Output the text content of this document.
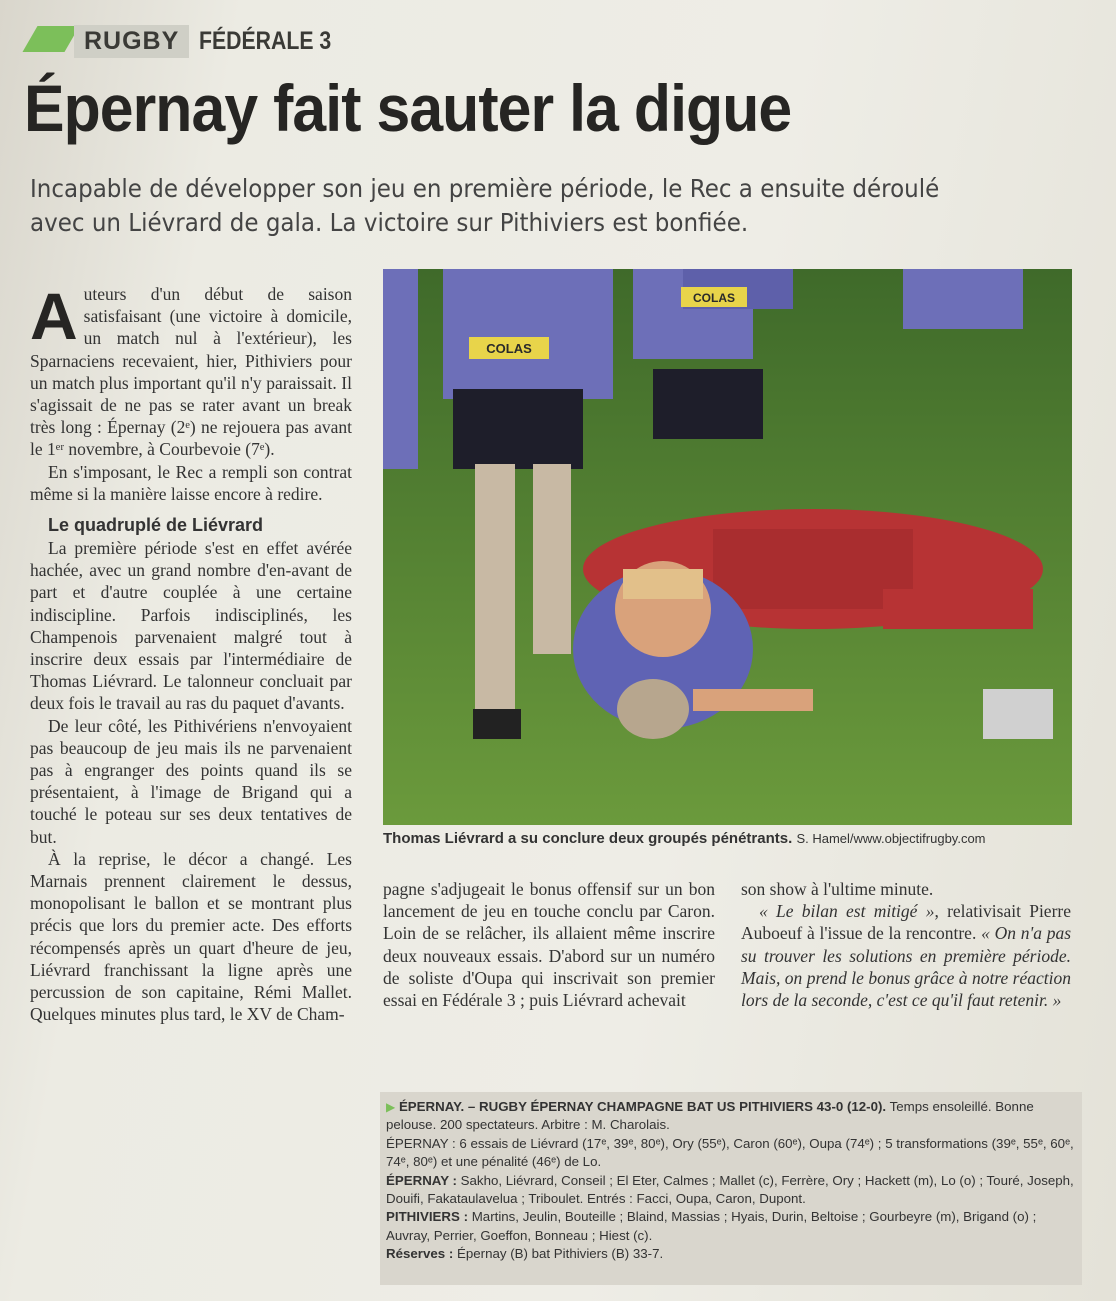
RUGBY FÉDÉRALE 3
Épernay fait sauter la digue

Incapable de développer son jeu en première période, le Rec a ensuite déroulé avec un Liévrard de gala. La victoire sur Pithiviers est bonfiée.

Auteurs d'un début de saison satisfaisant (une victoire à domicile, un match nul à l'extérieur), les Sparnaciens recevaient, hier, Pithiviers pour un match plus important qu'il n'y paraissait. Il s'agissait de ne pas se rater avant un break très long : Épernay (2ᵉ) ne rejouera pas avant le 1ᵉʳ novembre, à Courbevoie (7ᵉ).

En s'imposant, le Rec a rempli son contrat même si la manière laisse encore à redire.

Le quadruplé de Liévrard

La première période s'est en effet avérée hachée, avec un grand nombre d'en-avant de part et d'autre couplée à une certaine indiscipline. Parfois indisciplinés, les Champenois parvenaient malgré tout à inscrire deux essais par l'intermédiaire de Thomas Liévrard. Le talonneur concluait par deux fois le travail au ras du paquet d'avants.

De leur côté, les Pithivériens n'envoyaient pas beaucoup de jeu mais ils ne parvenaient pas à engranger des points quand ils se présentaient, à l'image de Brigand qui a touché le poteau sur ses deux tentatives de but.

À la reprise, le décor a changé. Les Marnais prennent clairement le dessus, monopolisant le ballon et se montrant plus précis que lors du premier acte. Des efforts récompensés après un quart d'heure de jeu, Liévrard franchissant la ligne après une percussion de son capitaine, Rémi Mallet. Quelques minutes plus tard, le XV de Cham-

COLAS
COLAS
Thomas Liévrard a su conclure deux groupés pénétrants. S. Hamel/www.objectifrugby.com

pagne s'adjugeait le bonus offensif sur un bon lancement de jeu en touche conclu par Caron. Loin de se relâcher, ils allaient même inscrire deux nouveaux essais. D'abord sur un numéro de soliste d'Oupa qui inscrivait son premier essai en Fédérale 3 ; puis Liévrard achevait

son show à l'ultime minute.

« Le bilan est mitigé », relativisait Pierre Auboeuf à l'issue de la rencontre. « On n'a pas su trouver les solutions en première période. Mais, on prend le bonus grâce à notre réaction lors de la seconde, c'est ce qu'il faut retenir. »

▶ ÉPERNAY. – RUGBY ÉPERNAY CHAMPAGNE BAT US PITHIVIERS 43-0 (12-0). Temps ensoleillé. Bonne pelouse. 200 spectateurs. Arbitre : M. Charolais.

ÉPERNAY : 6 essais de Liévrard (17ᵉ, 39ᵉ, 80ᵉ), Ory (55ᵉ), Caron (60ᵉ), Oupa (74ᵉ) ; 5 transformations (39ᵉ, 55ᵉ, 60ᵉ, 74ᵉ, 80ᵉ) et une pénalité (46ᵉ) de Lo.

ÉPERNAY : Sakho, Liévrard, Conseil ; El Eter, Calmes ; Mallet (c), Ferrère, Ory ; Hackett (m), Lo (o) ; Touré, Joseph, Douifi, Fakataulavelua ; Triboulet. Entrés : Facci, Oupa, Caron, Dupont.

PITHIVIERS : Martins, Jeulin, Bouteille ; Blaind, Massias ; Hyais, Durin, Beltoise ; Gourbeyre (m), Brigand (o) ; Auvray, Perrier, Goeffon, Bonneau ; Hiest (c).

Réserves : Épernay (B) bat Pithiviers (B) 33-7.
